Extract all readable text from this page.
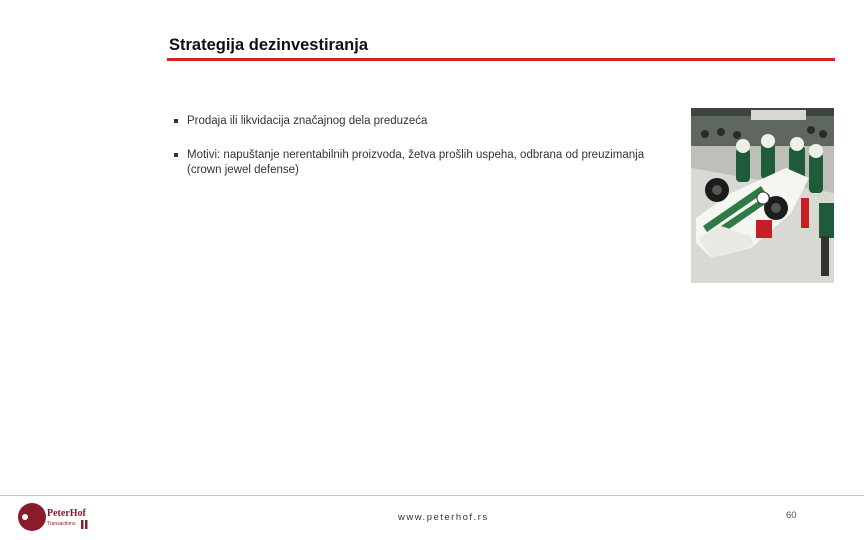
Strategija dezinvestiranja
Prodaja ili likvidacija značajnog dela preduzeća
Motivi: napuštanje nerentabilnih proizvoda, žetva prošlih uspeha, odbrana od preuzimanja (crown jewel defense)
PeterHof
Transactions
www.peterhof.rs	60
